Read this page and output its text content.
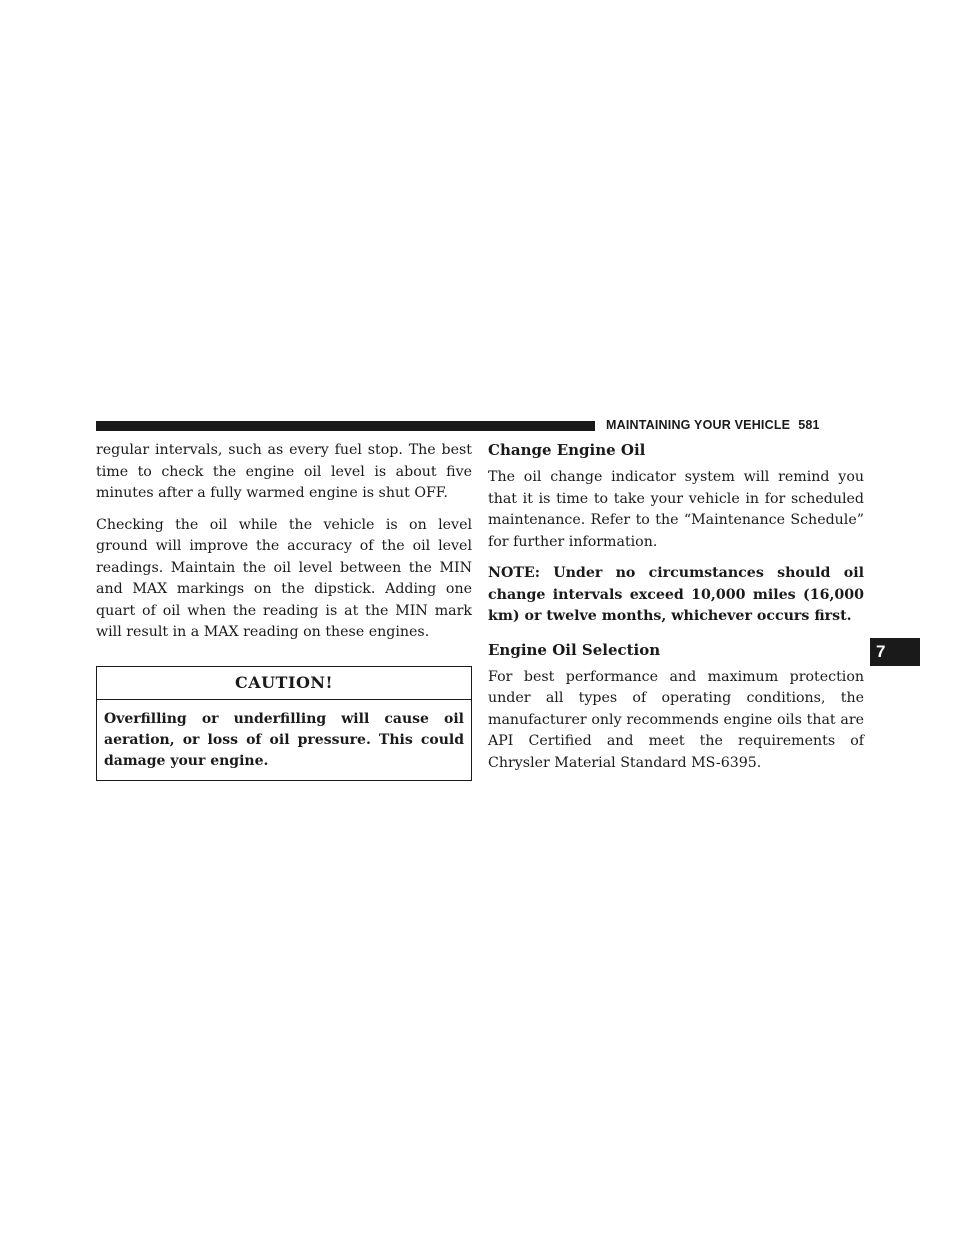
MAINTAINING YOUR VEHICLE 581
7

regular intervals, such as every fuel stop. The best time to check the engine oil level is about five minutes after a fully warmed engine is shut OFF.

Checking the oil while the vehicle is on level ground will improve the accuracy of the oil level readings. Maintain the oil level between the MIN and MAX markings on the dipstick. Adding one quart of oil when the reading is at the MIN mark will result in a MAX reading on these engines.

CAUTION!
Overfilling or underfilling will cause oil aeration, or loss of oil pressure. This could damage your engine.
Change Engine Oil

The oil change indicator system will remind you that it is time to take your vehicle in for scheduled maintenance. Refer to the “Maintenance Schedule” for further information.

NOTE: Under no circumstances should oil change intervals exceed 10,000 miles (16,000 km) or twelve months, whichever occurs first.

Engine Oil Selection

For best performance and maximum protection under all types of operating conditions, the manufacturer only recommends engine oils that are API Certified and meet the requirements of Chrysler Material Standard MS-6395.
